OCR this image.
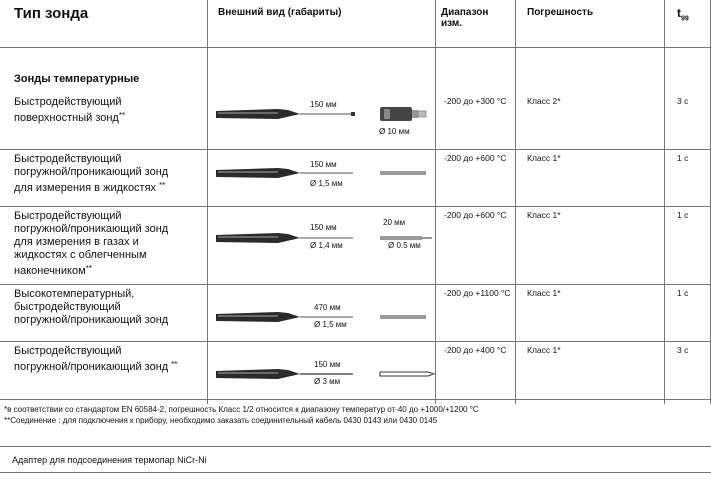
Тип зонда	Внешний вид (габариты)	Диапазон
изм.
Погрешность	$t_{99}$
Зонды температурные
Быстродействующий
поверхностный зонд**
150 мм
Ø 10 мм
-200 до +300 °C	Класс 2*	3 с
Быстродействующий
погружной/проникающий зонд
для измерения в жидкостях **
150 мм
Ø 1,5 мм
-200 до +600 °C	Класс 1*	1 с
Быстродействующий
погружной/проникающий зонд
для измерения в газах и
жидкостях с облегченным
наконечником**
150 мм
Ø 1,4 мм
20 мм
Ø 0.5 мм
-200 до +600 °C	Класс 1*	1 с
Высокотемпературный,
быстродействующий
погружной/проникающий зонд
470 мм
Ø 1,5 мм
-200 до +1100 °C	Класс 1*	1 с
Быстродействующий
погружной/проникающий зонд **	150 мм
Ø 3 мм
-200 до +400 °C	Класс 1*	3 с
*в соответствии со стандартом EN 60584-2, погрешность Класс 1/2 относится к диапазону температур от-40 до +1000/+1200 °C
**Соединение : для подключения к прибору, необходимо заказать соединительный кабель 0430 0143 или 0430 0145
Адаптер для подсоединения термопар NiCr-Ni
